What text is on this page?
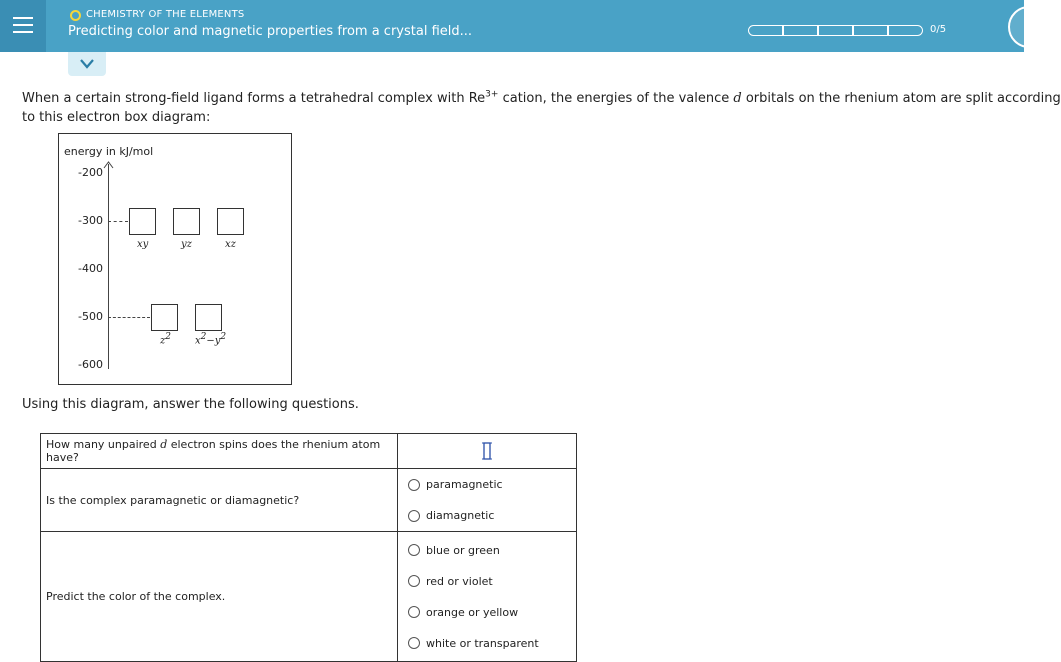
CHEMISTRY OF THE ELEMENTS
Predicting color and magnetic properties from a crystal field...	0/5
When a certain strong-field ligand forms a tetrahedral complex with $Re^{3+}$ cation, the energies of the valence d orbitals on the rhenium atom are split according
to this electron box diagram:
energy in kJ/mol
-200
-300
-400
-500
-600
xy	yz	xz
$z^2$ $x^2-y^2$
Using this diagram, answer the following questions.
How many unpaired d electron spins does the rhenium atom have?	

Is the complex paramagnetic or diamagnetic?	paramagnetic
diamagnetic

Predict the color of the complex.	blue or green
red or violet
orange or yellow
white or transparent
